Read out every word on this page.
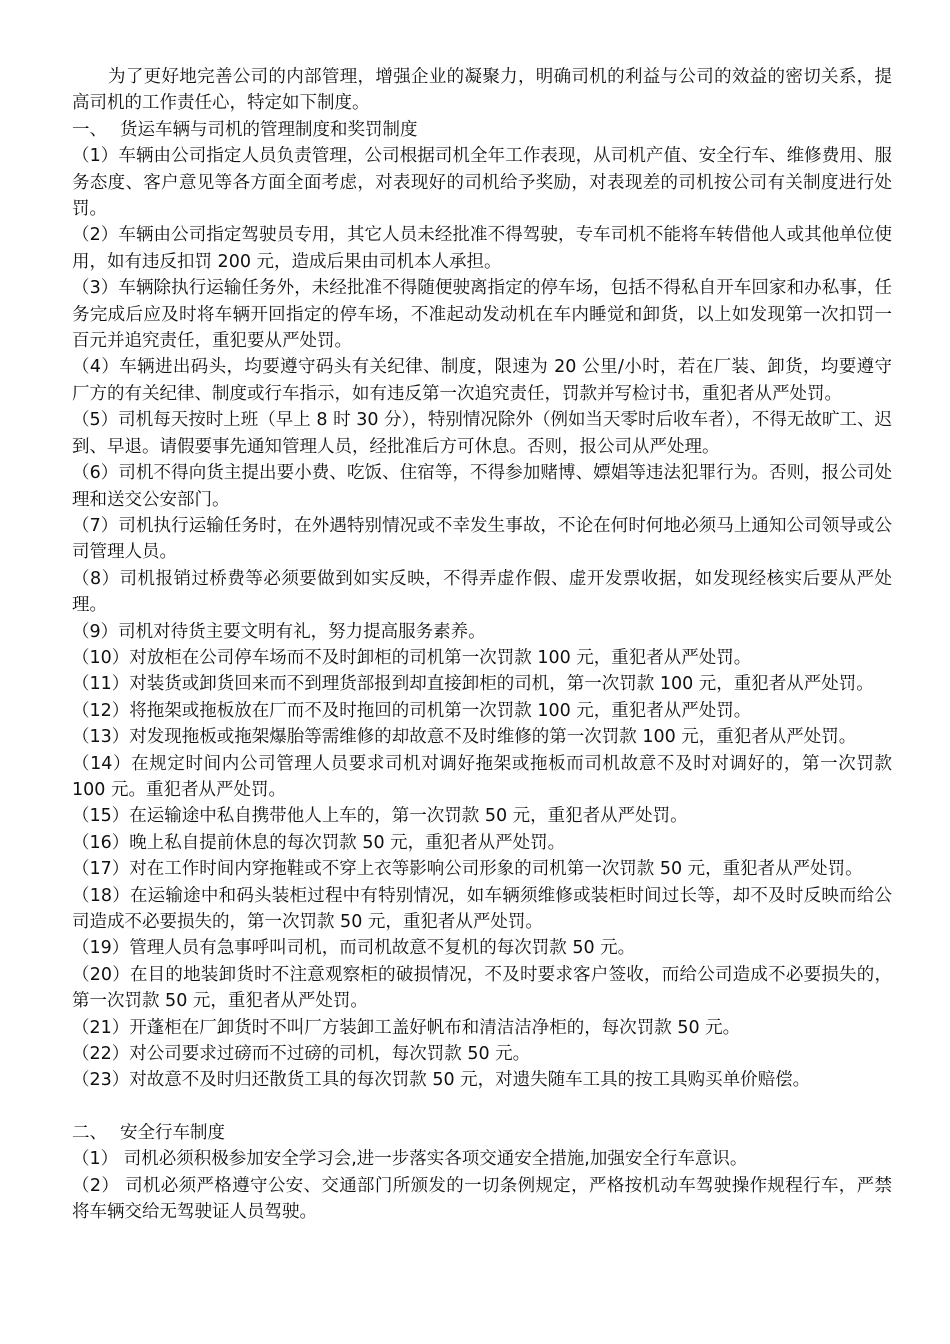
为了更好地完善公司的内部管理，增强企业的凝聚力，明确司机的利益与公司的效益的密切关系，提高司机的工作责任心，特定如下制度。

一、 货运车辆与司机的管理制度和奖罚制度

（1）车辆由公司指定人员负责管理，公司根据司机全年工作表现，从司机产值、安全行车、维修费用、服务态度、客户意见等各方面全面考虑，对表现好的司机给予奖励，对表现差的司机按公司有关制度进行处罚。

（2）车辆由公司指定驾驶员专用，其它人员未经批准不得驾驶，专车司机不能将车转借他人或其他单位使用，如有违反扣罚 200 元，造成后果由司机本人承担。

（3）车辆除执行运输任务外，未经批准不得随便驶离指定的停车场，包括不得私自开车回家和办私事，任务完成后应及时将车辆开回指定的停车场，不准起动发动机在车内睡觉和卸货，以上如发现第一次扣罚一百元并追究责任，重犯要从严处罚。

（4）车辆进出码头，均要遵守码头有关纪律、制度，限速为 20 公里/小时，若在厂装、卸货，均要遵守厂方的有关纪律、制度或行车指示，如有违反第一次追究责任，罚款并写检讨书，重犯者从严处罚。

（5）司机每天按时上班（早上 8 时 30 分），特别情况除外（例如当天零时后收车者），不得无故旷工、迟到、早退。请假要事先通知管理人员，经批准后方可休息。否则，报公司从严处理。

（6）司机不得向货主提出要小费、吃饭、住宿等，不得参加赌博、嫖娼等违法犯罪行为。否则，报公司处理和送交公安部门。

（7）司机执行运输任务时，在外遇特别情况或不幸发生事故，不论在何时何地必须马上通知公司领导或公司管理人员。

（8）司机报销过桥费等必须要做到如实反映，不得弄虚作假、虚开发票收据，如发现经核实后要从严处理。

（9）司机对待货主要文明有礼，努力提高服务素养。

（10）对放柜在公司停车场而不及时卸柜的司机第一次罚款 100 元，重犯者从严处罚。

（11）对装货或卸货回来而不到理货部报到却直接卸柜的司机，第一次罚款 100 元，重犯者从严处罚。

（12）将拖架或拖板放在厂而不及时拖回的司机第一次罚款 100 元，重犯者从严处罚。

（13）对发现拖板或拖架爆胎等需维修的却故意不及时维修的第一次罚款 100 元，重犯者从严处罚。

（14）在规定时间内公司管理人员要求司机对调好拖架或拖板而司机故意不及时对调好的，第一次罚款 100 元。重犯者从严处罚。

（15）在运输途中私自携带他人上车的，第一次罚款 50 元，重犯者从严处罚。

（16）晚上私自提前休息的每次罚款 50 元，重犯者从严处罚。

（17）对在工作时间内穿拖鞋或不穿上衣等影响公司形象的司机第一次罚款 50 元，重犯者从严处罚。

（18）在运输途中和码头装柜过程中有特别情况，如车辆须维修或装柜时间过长等，却不及时反映而给公司造成不必要损失的，第一次罚款 50 元，重犯者从严处罚。

（19）管理人员有急事呼叫司机，而司机故意不复机的每次罚款 50 元。

（20）在目的地装卸货时不注意观察柜的破损情况，不及时要求客户签收，而给公司造成不必要损失的，第一次罚款 50 元，重犯者从严处罚。

（21）开蓬柜在厂卸货时不叫厂方装卸工盖好帆布和清洁洁净柜的，每次罚款 50 元。

（22）对公司要求过磅而不过磅的司机，每次罚款 50 元。

（23）对故意不及时归还散货工具的每次罚款 50 元，对遗失随车工具的按工具购买单价赔偿。

二、 安全行车制度

（1） 司机必须积极参加安全学习会,进一步落实各项交通安全措施,加强安全行车意识。

（2） 司机必须严格遵守公安、交通部门所颁发的一切条例规定，严格按机动车驾驶操作规程行车，严禁将车辆交给无驾驶证人员驾驶。
